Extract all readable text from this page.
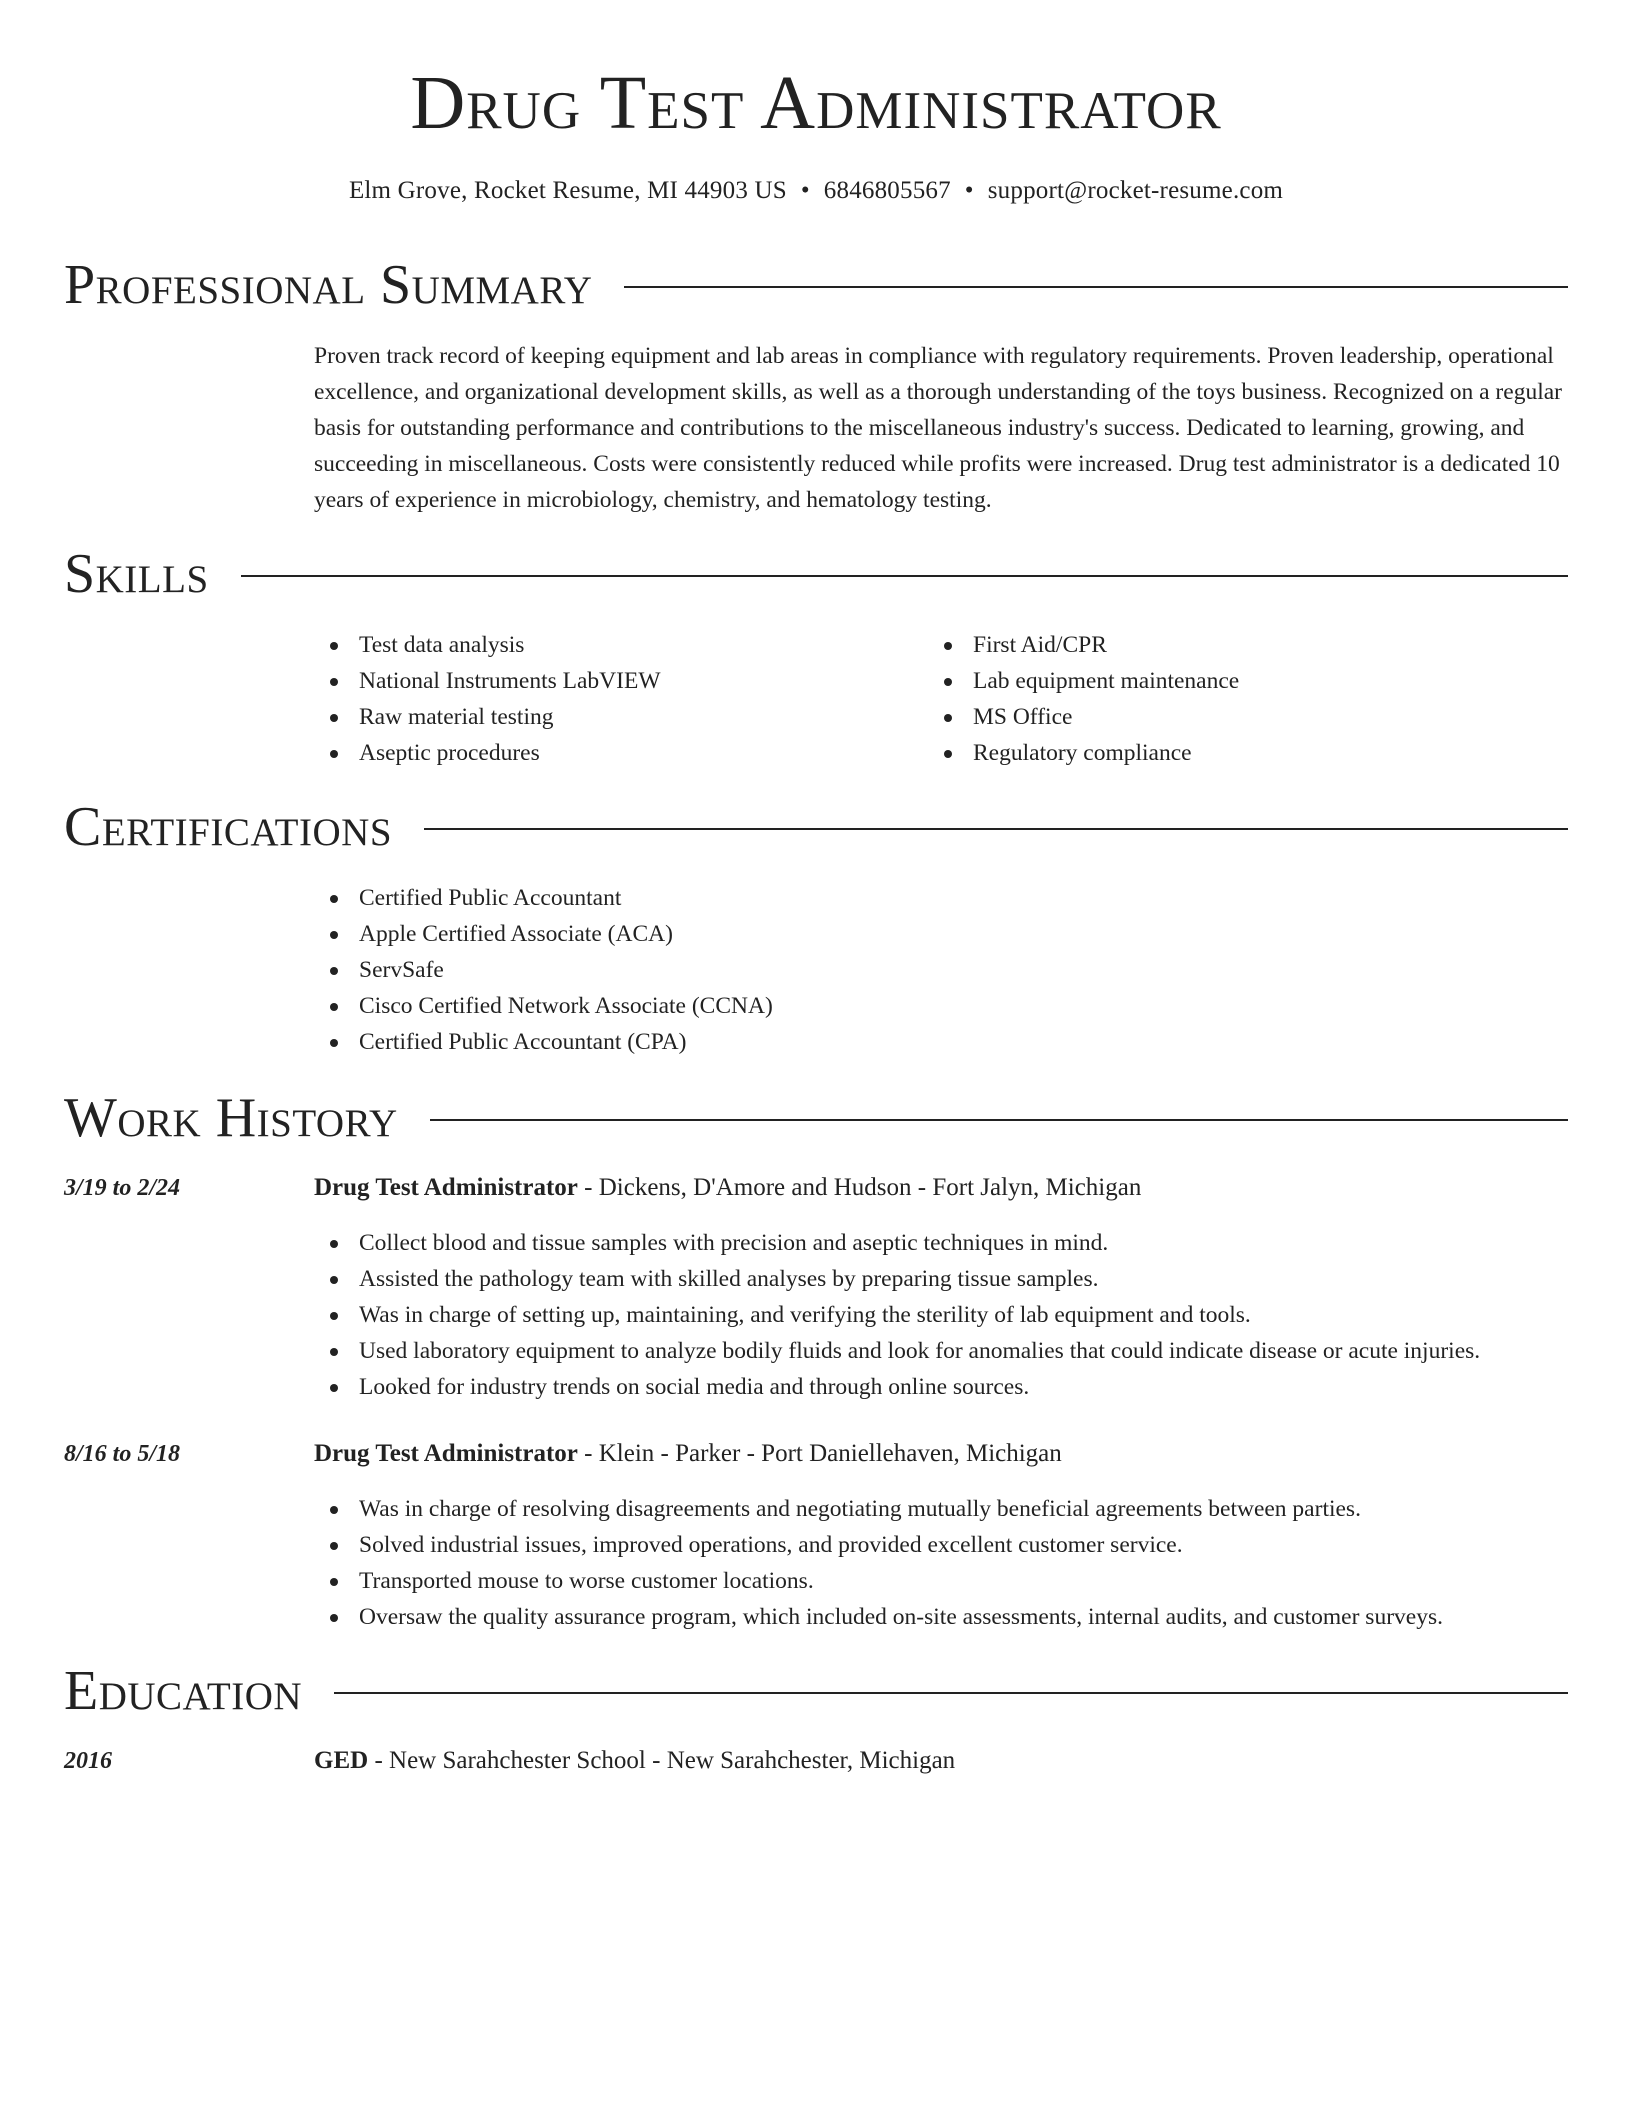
Drug Test Administrator
Elm Grove, Rocket Resume, MI 44903 US • 6846805567 • support@rocket-resume.com
Professional Summary

Proven track record of keeping equipment and lab areas in compliance with regulatory requirements. Proven leadership, operational excellence, and organizational development skills, as well as a thorough understanding of the toys business. Recognized on a regular basis for outstanding performance and contributions to the miscellaneous industry's success. Dedicated to learning, growing, and succeeding in miscellaneous. Costs were consistently reduced while profits were increased. Drug test administrator is a dedicated 10 years of experience in microbiology, chemistry, and hematology testing.

Skills
Test data analysis
National Instruments LabVIEW
Raw material testing
Aseptic procedures
First Aid/CPR
Lab equipment maintenance
MS Office
Regulatory compliance
Certifications
Certified Public Accountant
Apple Certified Associate (ACA)
ServSafe
Cisco Certified Network Associate (CCNA)
Certified Public Accountant (CPA)
Work History
3/19 to 2/24	Drug Test Administrator - Dickens, D'Amore and Hudson - Fort Jalyn, Michigan
Collect blood and tissue samples with precision and aseptic techniques in mind.
Assisted the pathology team with skilled analyses by preparing tissue samples.
Was in charge of setting up, maintaining, and verifying the sterility of lab equipment and tools.
Used laboratory equipment to analyze bodily fluids and look for anomalies that could indicate disease or acute injuries.
Looked for industry trends on social media and through online sources.
8/16 to 5/18	Drug Test Administrator - Klein - Parker - Port Daniellehaven, Michigan
Was in charge of resolving disagreements and negotiating mutually beneficial agreements between parties.
Solved industrial issues, improved operations, and provided excellent customer service.
Transported mouse to worse customer locations.
Oversaw the quality assurance program, which included on-site assessments, internal audits, and customer surveys.
Education
2016	GED - New Sarahchester School - New Sarahchester, Michigan
